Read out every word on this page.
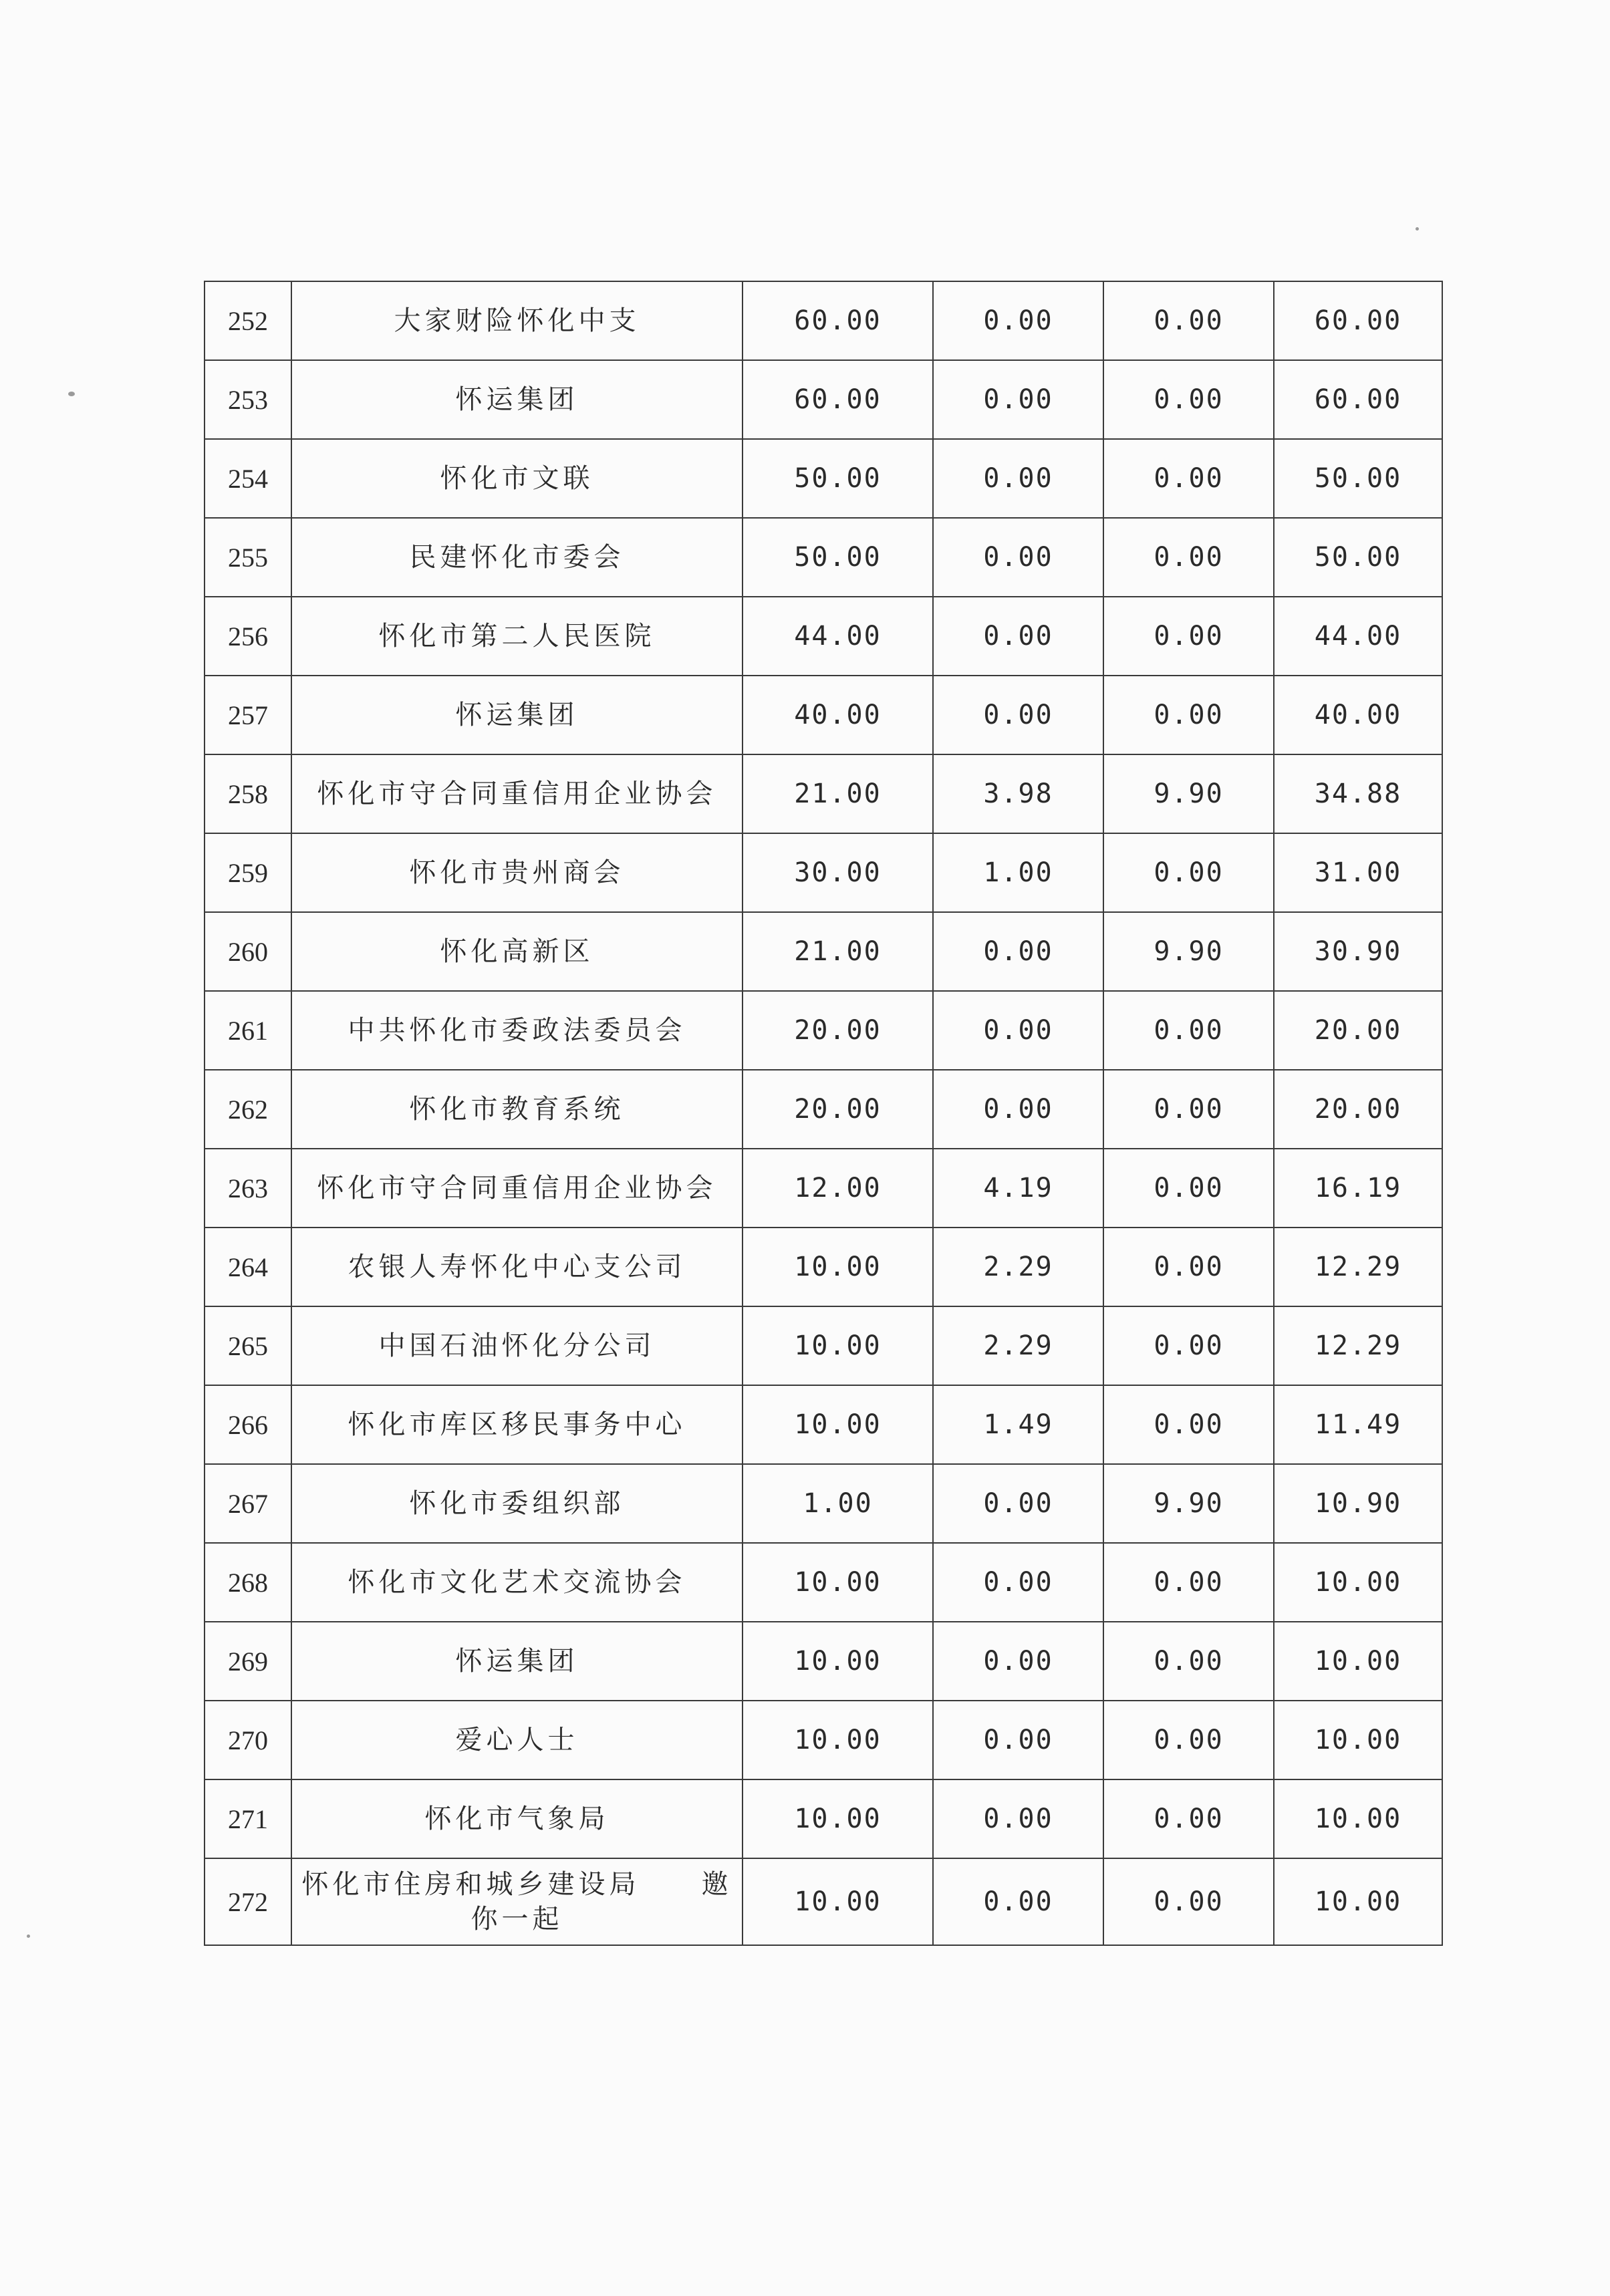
252	大家财险怀化中支	60.00	0.00	0.00	60.00
253	怀运集团	60.00	0.00	0.00	60.00
254	怀化市文联	50.00	0.00	0.00	50.00
255	民建怀化市委会	50.00	0.00	0.00	50.00
256	怀化市第二人民医院	44.00	0.00	0.00	44.00
257	怀运集团	40.00	0.00	0.00	40.00
258	怀化市守合同重信用企业协会	21.00	3.98	9.90	34.88
259	怀化市贵州商会	30.00	1.00	0.00	31.00
260	怀化高新区	21.00	0.00	9.90	30.90
261	中共怀化市委政法委员会	20.00	0.00	0.00	20.00
262	怀化市教育系统	20.00	0.00	0.00	20.00
263	怀化市守合同重信用企业协会	12.00	4.19	0.00	16.19
264	农银人寿怀化中心支公司	10.00	2.29	0.00	12.29
265	中国石油怀化分公司	10.00	2.29	0.00	12.29
266	怀化市库区移民事务中心	10.00	1.49	0.00	11.49
267	怀化市委组织部	1.00	0.00	9.90	10.90
268	怀化市文化艺术交流协会	10.00	0.00	0.00	10.00
269	怀运集团	10.00	0.00	0.00	10.00
270	爱心人士	10.00	0.00	0.00	10.00
271	怀化市气象局	10.00	0.00	0.00	10.00
272	怀化市住房和城乡建设局　　邀你一起	10.00	0.00	0.00	10.00
